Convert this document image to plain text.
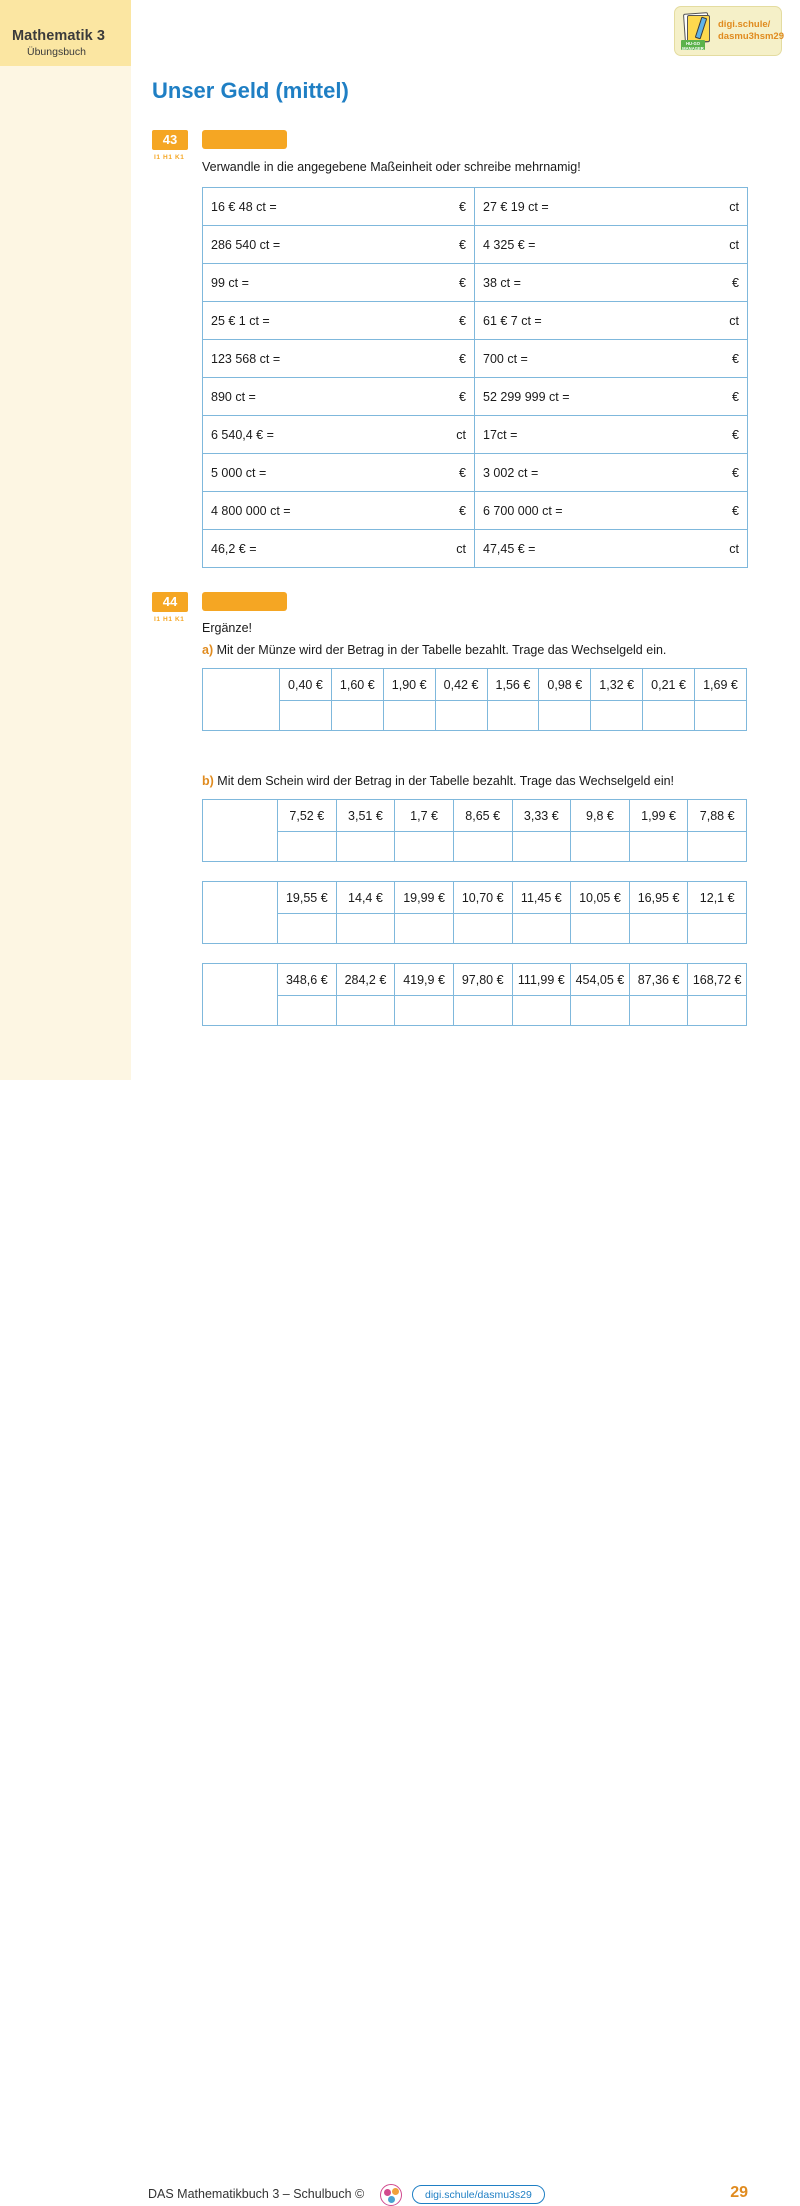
Mathematik 3
Übungsbuch
HU-GO MANAGER
digi.schule/
dasmu3hsm29
Unser Geld (mittel)
43
I1 H1 K1
Verwandle in die angegebene Maßeinheit oder schreibe mehrnamig!
16 € 48 ct = €	27 € 19 ct = ct

286 540 ct = €	4 325 € = ct

99 ct = €	38 ct = €

25 € 1 ct = €	61 € 7 ct = ct

123 568 ct = €	700 ct = €

890 ct = €	52 299 999 ct = €

6 540,4 € = ct	17ct = €

5 000 ct = €	3 002 ct = €

4 800 000 ct = €	6 700 000 ct = €

46,2 € = ct	47,45 € = ct
44
I1 H1 K1
Ergänze!
a) Mit der Münze wird der Betrag in der Tabelle bezahlt. Trage das Wechselgeld ein.
	0,40 €	1,60 €	1,90 €	0,42 €	1,56 €	0,98 €	1,32 €	0,21 €	1,69 €

b) Mit dem Schein wird der Betrag in der Tabelle bezahlt. Trage das Wechselgeld ein!
	7,52 €	3,51 €	1,7 €	8,65 €	3,33 €	9,8 €	1,99 €	7,88 €

	19,55 €	14,4 €	19,99 €	10,70 €	11,45 €	10,05 €	16,95 €	12,1 €

	348,6 €	284,2 €	419,9 €	97,80 €	111,99 €	454,05 €	87,36 €	168,72 €

DAS Mathematikbuch 3 – Schulbuch ©	digi.schule/dasmu3s29	29
